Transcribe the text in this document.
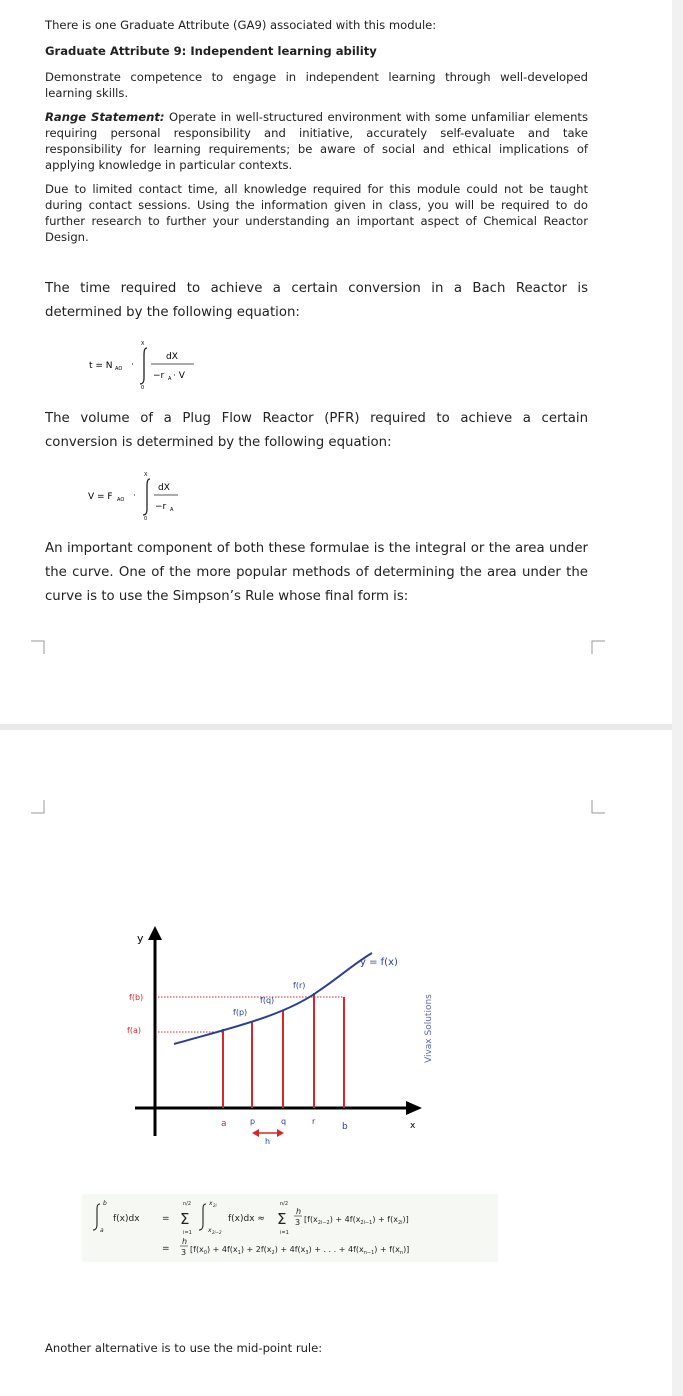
There is one Graduate Attribute (GA9) associated with this module:

Graduate Attribute 9: Independent learning ability

Demonstrate competence to engage in independent learning through well-developed learning skills.

Range Statement: Operate in well-structured environment with some unfamiliar elements requiring personal responsibility and initiative, accurately self-evaluate and take responsibility for learning requirements; be aware of social and ethical implications of applying knowledge in particular contexts.

Due to limited contact time, all knowledge required for this module could not be taught during contact sessions. Using the information given in class, you will be required to do further research to further your understanding an important aspect of Chemical Reactor Design.

The time required to achieve a certain conversion in a Bach Reactor is determined by the following equation:

t = N AO ·
X
0
dX
−r A · V

The volume of a Plug Flow Reactor (PFR) required to achieve a certain conversion is determined by the following equation:

V = F AO ·
X
0
dX
−r A

An important component of both these formulae is the integral or the area under the curve. One of the more popular methods of determining the area under the curve is to use the Simpson’s Rule whose final form is:

y
x
f(b)
f(a)
y = f(x)
f(p)
f(q)
f(r)
a	p	q	r
b
h
Vivax Solutions
b
a
f(x)dx =
n/2
Σ
i=1
x 2i
x 2i−2
f(x)dx ≈
n/2
Σ
i=1
h
3 $[f(x_{2i-2}) + 4f(x_{2i-1}) + f(x_{2i})]$
=
h
3 [$f(x_0) + 4f(x_1) + 2f(x_2) + 4f(x_3)$ + . . . + $4f(x_{n-1}) + f(x_n)$]

Another alternative is to use the mid-point rule:
